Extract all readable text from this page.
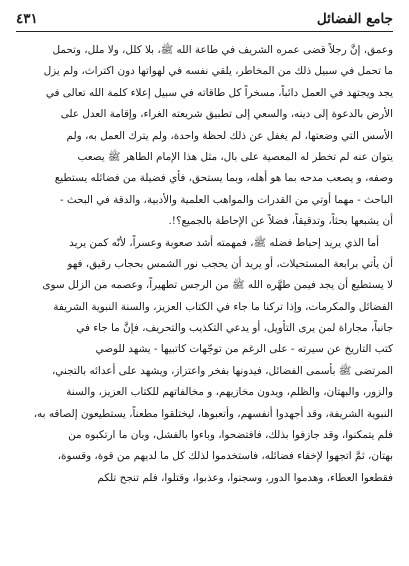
جامع الفضائل
٤٣١
وعمق، إنَّ رجلاً قضى عمره الشريف في طاعة الله ﷺ، بلا كلل، ولا ملل، وتحمل
ما تحمل في سبيل ذلك من المخاطر، يلقي نفسه في لهواتها دون اكتراث، ولم يزل
يجد ويجتهد في العمل دائباً، مسخراً كل طاقاته في سبيل إعلاء كلمة الله تعالى في
الأرض بالدعوة إلى دينه، والسعي إلى تطبيق شريعته الغراء، وإقامة العدل على
الأسس التي وضعتها، لم يغفل عن ذلك لحظة واحدة، ولم يترك العمل به، ولم
يتوان عنه لم تخطر له المعصية على بال، مثل هذا الإمام الطاهر ﷺ يصعب
وصفه، و يصعب مدحه بما هو أهله، وبما يستحق، فأي فضيلة من فضائله يستطيع
الباحث - مهما أوتي من القدرات والمواهب العلمية والأدبية، والدقة في البحث -
أن يشبعها بحثاً، وتدقيقاً، فضلاً عن الإحاطة بالجميع؟!.
أما الذي يريد إحباط فضله ﷺ، فمهمته أشد صعوبة وعسراً، لأنّه كمن يريد
أن يأتي برابعة المستحيلات، أو يريد أن يحجب نور الشمس بحجاب رقيق، فهو
لا يستطيع أن يجد فيمن طهَّره الله ﷺ من الرجس تطهيراً، وعصمه من الزلل سوى
الفضائل والمكرمات، وإذا تركنا ما جاء في الكتاب العزيز، والسنة النبوية الشريفة
جانباً، مجاراة لمن يرى التأويل، أو يدعي التكذيب والتحريف، فإنَّ ما جاء في
كتب التاريخ عن سيرته - على الرغم من توجّهات كاتبيها - يشهد للوصي
المرتضى ﷺ بأسمى الفضائل، فيدونها بفخر واعتزاز، ويشهد على أعدائه بالتجني،
والزور، والبهتان، والظلم، ويدون مخازيهم، و مخالفاتهم للكتاب العزيز، والسنة
النبوية الشريفة، وقد أجهدوا أنفسهم، وأتعبوها، ليختلقوا مطعناً، يستطيعون إلصاقه به،
فلم يتمكنوا، وقد جازفوا بذلك، فافتضحوا، وباءوا بالفشل، وبان ما ارتكبوه من
بهتان، ثمَّ اتجهوا لإخفاء فضائله، فاستخدموا لذلك كل ما لديهم من قوة، وقسوة،
فقطعوا العطاء، وهدموا الدور، وسجنوا، وعذبوا، وقتلوا، فلم تنجح تلكم
